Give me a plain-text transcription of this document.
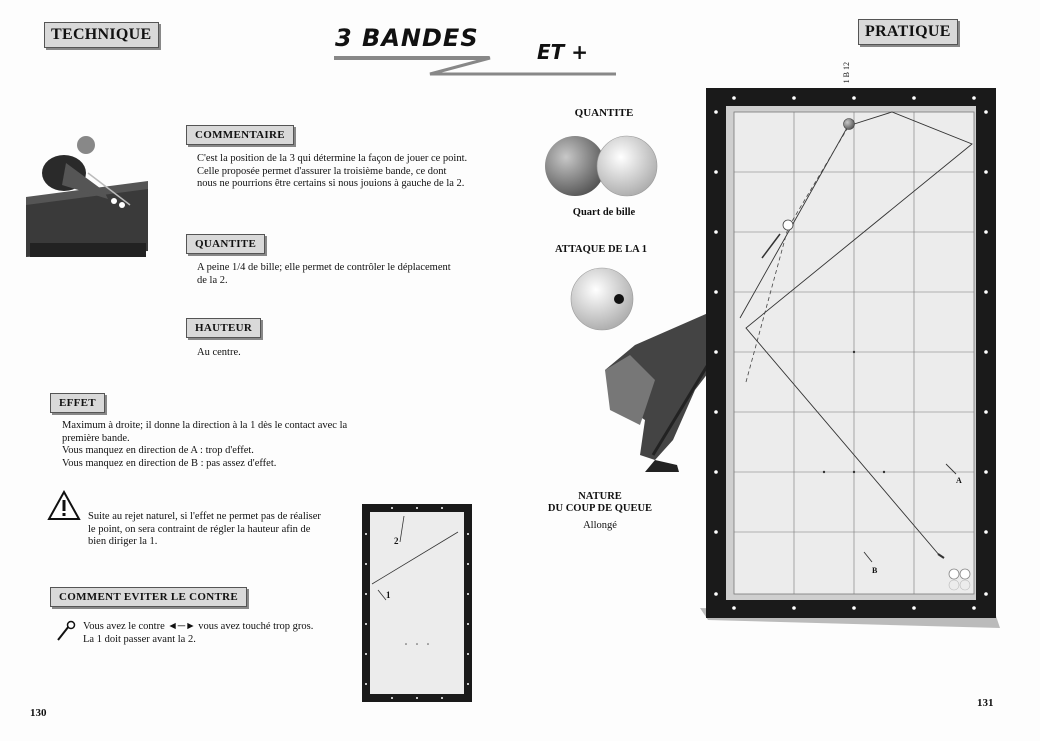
TECHNIQUE	PRATIQUE
3 BANDES	ET +
1 B 12
COMMENTAIRE
C'est la position de la 3 qui détermine la façon de jouer ce point.
Celle proposée permet d'assurer la troisième bande, ce dont
nous ne pourrions être certains si nous jouions à gauche de la 2.
QUANTITE
A peine 1/4 de bille; elle permet de contrôler le déplacement
de la 2.
HAUTEUR
Au centre.
EFFET
Maximum à droite; il donne la direction à la 1 dès le contact avec la
première bande.
Vous manquez en direction de A : trop d'effet.
Vous manquez en direction de B : pas assez d'effet.
Suite au rejet naturel, si l'effet ne permet pas de réaliser
le point, on sera contraint de régler la hauteur afin de
bien diriger la 1.
COMMENT EVITER LE CONTRE
Vous avez le contre ◄─► vous avez touché trop gros.
La 1 doit passer avant la 2.
2
1
130
QUANTITE
Quart de bille
ATTAQUE DE LA 1
NATURE
DU COUP DE QUEUE
Allongé
A
B
131
